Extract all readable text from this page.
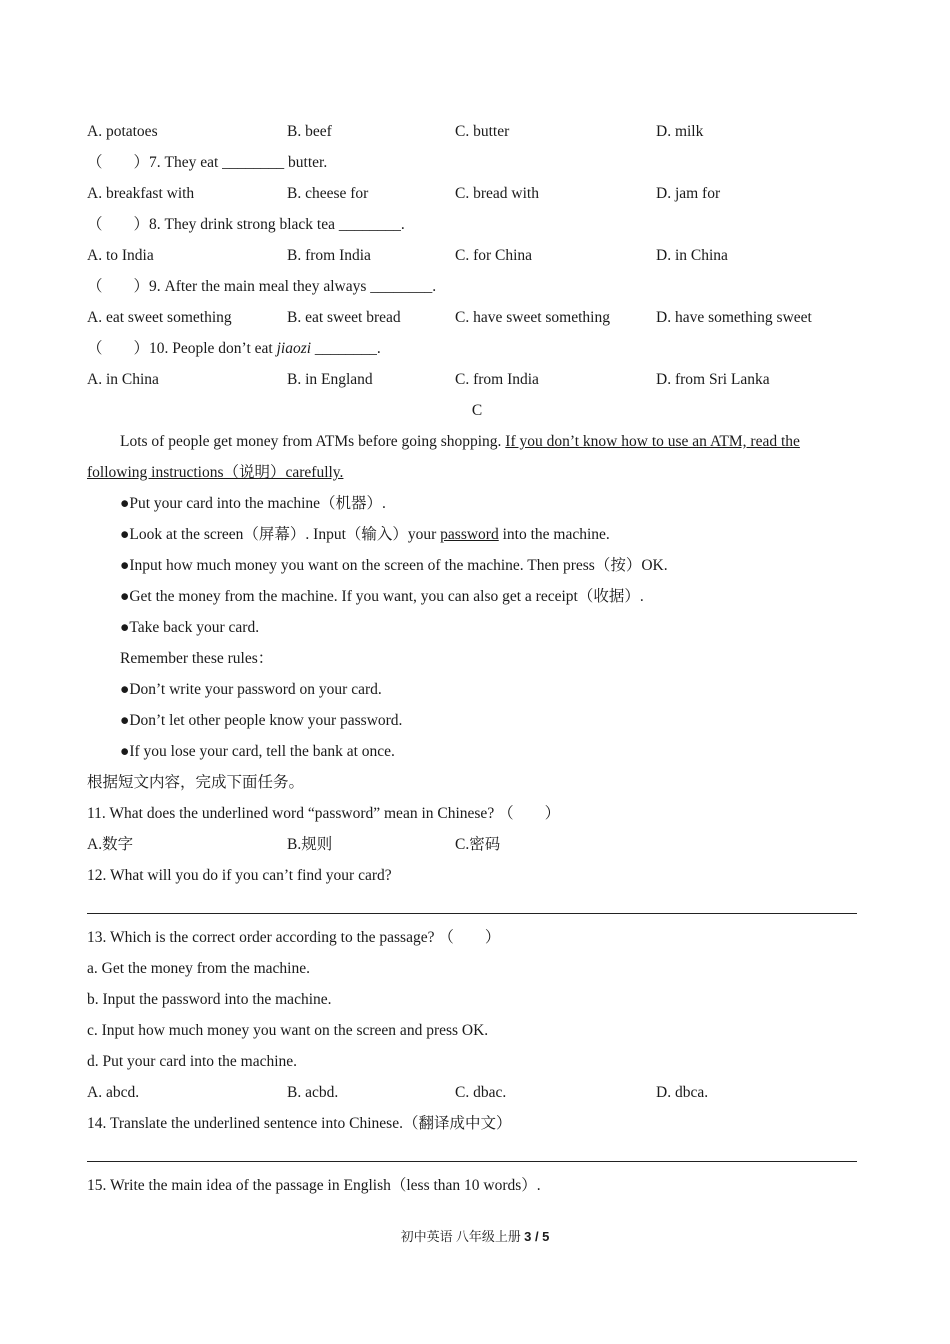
A. potatoes	B. beef	C. butter	D. milk
（　　）7. They eat ________ butter.
A. breakfast with	B. cheese for	C. bread with	D. jam for
（　　）8. They drink strong black tea ________.
A. to India	B. from India	C. for China	D. in China
（　　）9. After the main meal they always ________.
A. eat sweet something	B. eat sweet bread	C. have sweet something	D. have something sweet
（　　）10. People don’t eat jiaozi ________.
A. in China	B. in England	C. from India	D. from Sri Lanka
C
Lots of people get money from ATMs before going shopping. If you don’t know how to use an ATM, read the
following instructions（说明）carefully.
●Put your card into the machine（机器）.
●Look at the screen（屏幕）. Input（输入）your password into the machine.
●Input how much money you want on the screen of the machine. Then press（按）OK.
●Get the money from the machine. If you want, you can also get a receipt（收据）.
●Take back your card.
Remember these rules：
●Don’t write your password on your card.
●Don’t let other people know your password.
●If you lose your card, tell the bank at once.
根据短文内容，完成下面任务。
11. What does the underlined word “password” mean in Chinese? （　　）
A.数字	B.规则	C.密码
12. What will you do if you can’t find your card?
13. Which is the correct order according to the passage? （　　）
a. Get the money from the machine.
b. Input the password into the machine.
c. Input how much money you want on the screen and press OK.
d. Put your card into the machine.
A. abcd.	B. acbd.	C. dbac.	D. dbca.
14. Translate the underlined sentence into Chinese.（翻译成中文）
15. Write the main idea of the passage in English（less than 10 words）.
初中英语 八年级上册 3 / 5
